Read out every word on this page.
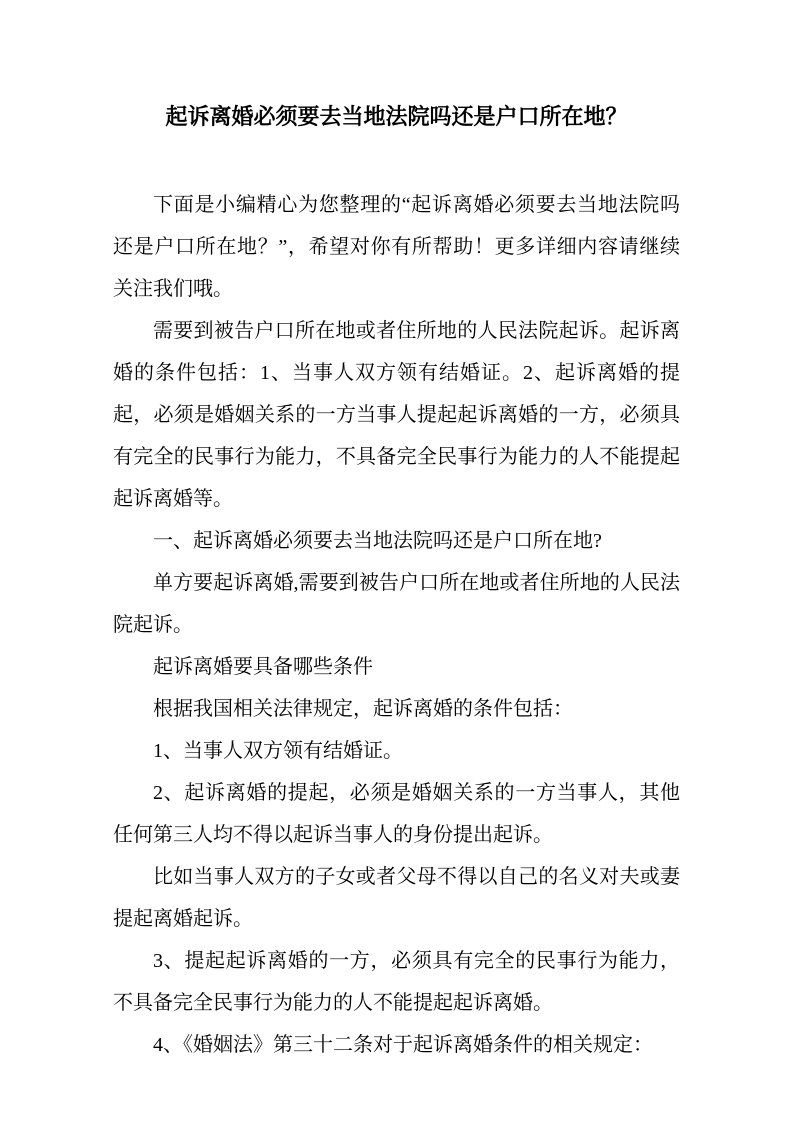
起诉离婚必须要去当地法院吗还是户口所在地？

下面是小编精心为您整理的“起诉离婚必须要去当地法院吗还是户口所在地？”，希望对你有所帮助！更多详细内容请继续关注我们哦。

需要到被告户口所在地或者住所地的人民法院起诉。起诉离婚的条件包括：1、当事人双方领有结婚证。2、起诉离婚的提起，必须是婚姻关系的一方当事人提起起诉离婚的一方，必须具有完全的民事行为能力，不具备完全民事行为能力的人不能提起起诉离婚等。

一、起诉离婚必须要去当地法院吗还是户口所在地?

单方要起诉离婚,需要到被告户口所在地或者住所地的人民法院起诉。

起诉离婚要具备哪些条件

根据我国相关法律规定，起诉离婚的条件包括：

1、当事人双方领有结婚证。

2、起诉离婚的提起，必须是婚姻关系的一方当事人，其他任何第三人均不得以起诉当事人的身份提出起诉。

比如当事人双方的子女或者父母不得以自己的名义对夫或妻提起离婚起诉。

3、提起起诉离婚的一方，必须具有完全的民事行为能力，不具备完全民事行为能力的人不能提起起诉离婚。

4、《婚姻法》第三十二条对于起诉离婚条件的相关规定：
